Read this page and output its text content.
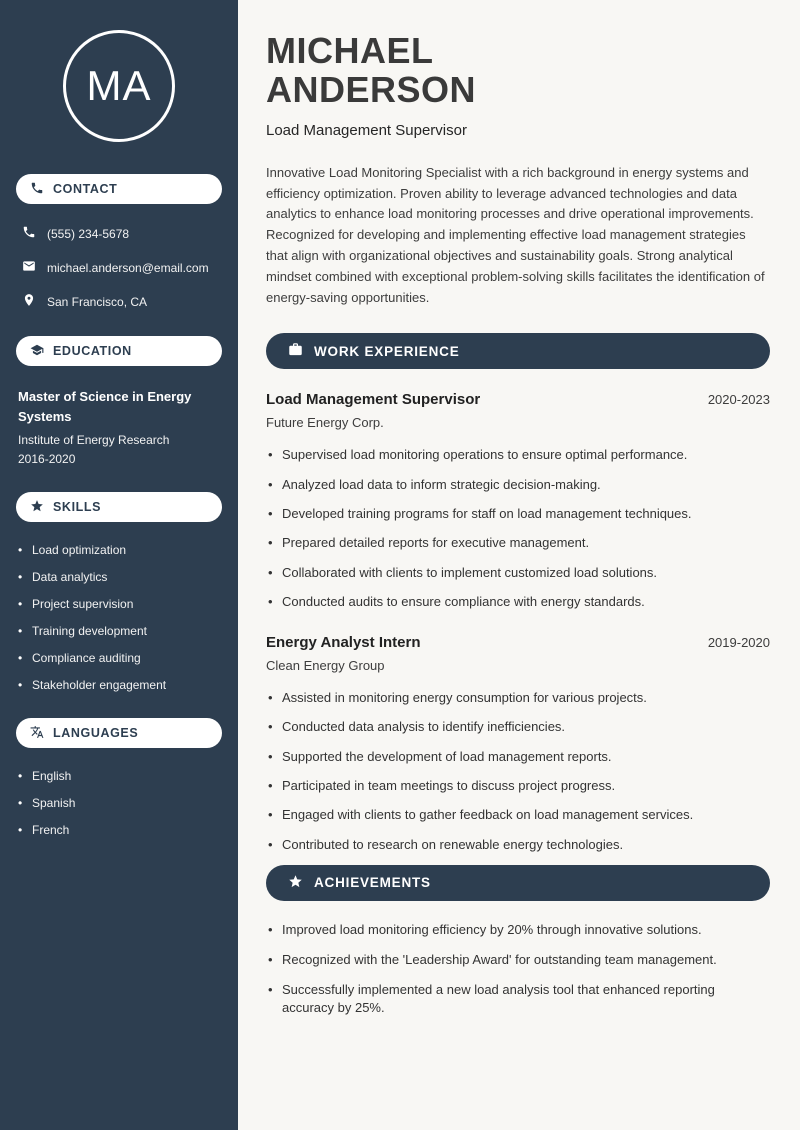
MA
CONTACT
(555) 234-5678
michael.anderson@email.com
San Francisco, CA
EDUCATION
Master of Science in Energy Systems
Institute of Energy Research
2016-2020
SKILLS
• Load optimization
• Data analytics
• Project supervision
• Training development
• Compliance auditing
• Stakeholder engagement
LANGUAGES
• English
• Spanish
• French
MICHAEL
ANDERSON
Load Management Supervisor

Innovative Load Monitoring Specialist with a rich background in energy systems and efficiency optimization. Proven ability to leverage advanced technologies and data analytics to enhance load monitoring processes and drive operational improvements. Recognized for developing and implementing effective load management strategies that align with organizational objectives and sustainability goals. Strong analytical mindset combined with exceptional problem-solving skills facilitates the identification of energy-saving opportunities.

WORK EXPERIENCE
Load Management Supervisor	2020-2023
Future Energy Corp.
• Supervised load monitoring operations to ensure optimal performance.
• Analyzed load data to inform strategic decision-making.
• Developed training programs for staff on load management techniques.
• Prepared detailed reports for executive management.
• Collaborated with clients to implement customized load solutions.
• Conducted audits to ensure compliance with energy standards.
Energy Analyst Intern	2019-2020
Clean Energy Group
• Assisted in monitoring energy consumption for various projects.
• Conducted data analysis to identify inefficiencies.
• Supported the development of load management reports.
• Participated in team meetings to discuss project progress.
• Engaged with clients to gather feedback on load management services.
• Contributed to research on renewable energy technologies.
ACHIEVEMENTS
• Improved load monitoring efficiency by 20% through innovative solutions.
• Recognized with the 'Leadership Award' for outstanding team management.
• Successfully implemented a new load analysis tool that enhanced reporting accuracy by 25%.
